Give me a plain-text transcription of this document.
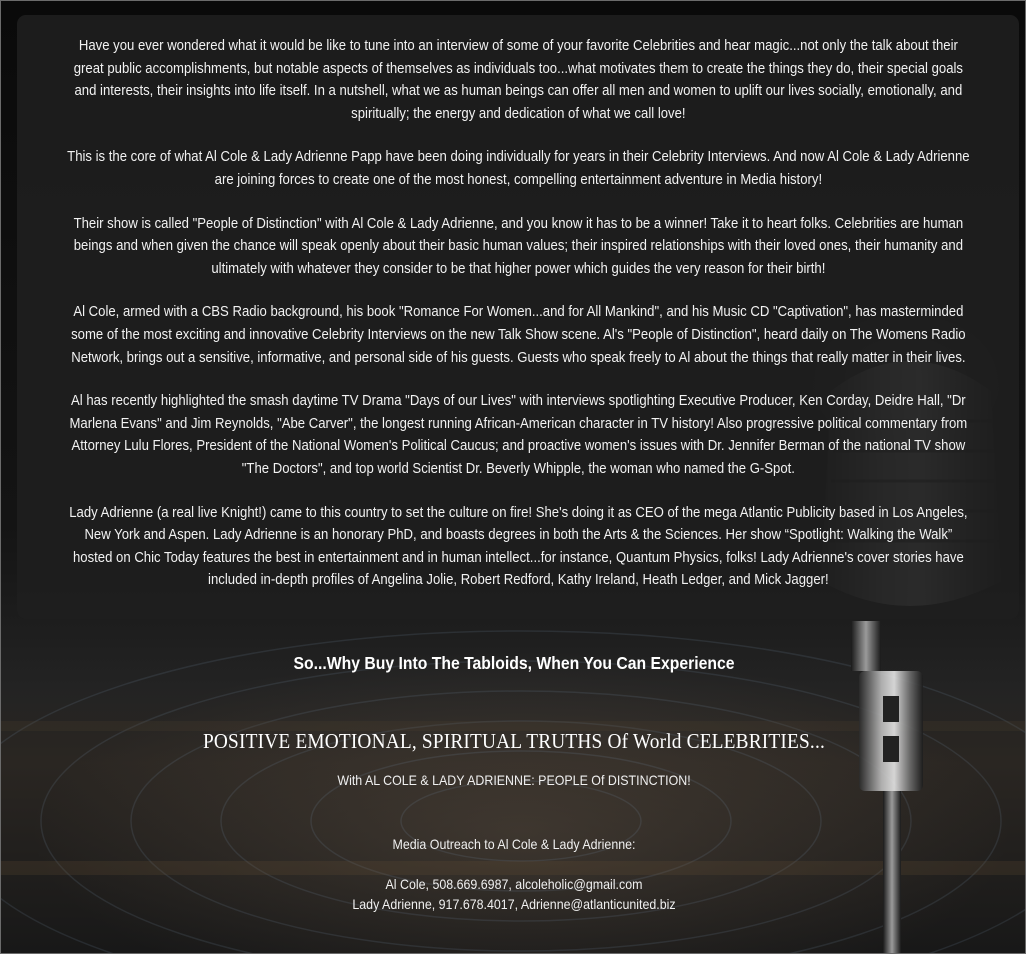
Have you ever wondered what it would be like to tune into an interview of some of your favorite Celebrities and hear magic...not only the talk about their great public accomplishments, but notable aspects of themselves as individuals too...what motivates them to create the things they do, their special goals and interests, their insights into life itself. In a nutshell, what we as human beings can offer all men and women to uplift our lives socially, emotionally, and spiritually; the energy and dedication of what we call love!

This is the core of what Al Cole & Lady Adrienne Papp have been doing individually for years in their Celebrity Interviews. And now Al Cole & Lady Adrienne are joining forces to create one of the most honest, compelling entertainment adventure in Media history!

Their show is called "People of Distinction" with Al Cole & Lady Adrienne, and you know it has to be a winner! Take it to heart folks. Celebrities are human beings and when given the chance will speak openly about their basic human values; their inspired relationships with their loved ones, their humanity and ultimately with whatever they consider to be that higher power which guides the very reason for their birth!

Al Cole, armed with a CBS Radio background, his book "Romance For Women...and for All Mankind", and his Music CD "Captivation", has masterminded some of the most exciting and innovative Celebrity Interviews on the new Talk Show scene. Al's "People of Distinction", heard daily on The Womens Radio Network, brings out a sensitive, informative, and personal side of his guests. Guests who speak freely to Al about the things that really matter in their lives.

Al has recently highlighted the smash daytime TV Drama "Days of our Lives" with interviews spotlighting Executive Producer, Ken Corday, Deidre Hall, "Dr Marlena Evans" and Jim Reynolds, "Abe Carver", the longest running African-American character in TV history! Also progressive political commentary from Attorney Lulu Flores, President of the National Women's Political Caucus; and proactive women's issues with Dr. Jennifer Berman of the national TV show "The Doctors", and top world Scientist Dr. Beverly Whipple, the woman who named the G-Spot.

Lady Adrienne (a real live Knight!) came to this country to set the culture on fire! She's doing it as CEO of the mega Atlantic Publicity based in Los Angeles, New York and Aspen. Lady Adrienne is an honorary PhD, and boasts degrees in both the Arts & the Sciences. Her show “Spotlight: Walking the Walk” hosted on Chic Today features the best in entertainment and in human intellect...for instance, Quantum Physics, folks! Lady Adrienne's cover stories have included in-depth profiles of Angelina Jolie, Robert Redford, Kathy Ireland, Heath Ledger, and Mick Jagger!

So...Why Buy Into The Tabloids, When You Can Experience
POSITIVE EMOTIONAL, SPIRITUAL TRUTHS Of World CELEBRITIES...
With AL COLE & LADY ADRIENNE: PEOPLE Of DISTINCTION!
Media Outreach to Al Cole & Lady Adrienne:
Al Cole, 508.669.6987, alcoleholic@gmail.com
Lady Adrienne, 917.678.4017, Adrienne@atlanticunited.biz
